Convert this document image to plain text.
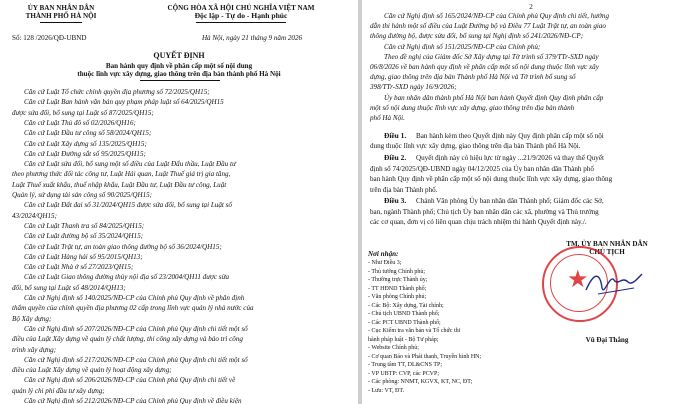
ỦY BAN NHÂN DÂN
THÀNH PHỐ HÀ NỘI
CỘNG HÒA XÃ HỘI CHỦ NGHĨA VIỆT NAM
Độc lập - Tự do - Hạnh phúc
Số: 128 /2026/QĐ-UBND	Hà Nội, ngày 21 tháng 9 năm 2026
QUYẾT ĐỊNH
Ban hành quy định về phân cấp một số nội dung
thuộc lĩnh vực xây dựng, giao thông trên địa bàn thành phố Hà Nội
Căn cứ Luật Tổ chức chính quyền địa phương số 72/2025/QH15;
Căn cứ Luật Ban hành văn bản quy phạm pháp luật số 64/2025/QH15
được sửa đổi, bổ sung tại Luật số 87/2025/QH15;
Căn cứ Luật Thủ đô số 02/2026/QH16;
Căn cứ Luật Đầu tư công số 58/2024/QH15;
Căn cứ Luật Xây dựng số 135/2025/QH15;
Căn cứ Luật Đường sắt số 95/2025/QH15;
Căn cứ Luật sửa đổi, bổ sung một số điều của Luật Đấu thầu, Luật Đầu tư
theo phương thức đối tác công tư, Luật Hải quan, Luật Thuế giá trị gia tăng,
Luật Thuế xuất khẩu, thuế nhập khẩu, Luật Đầu tư, Luật Đầu tư công, Luật
Quản lý, sử dụng tài sản công số 90/2025/QH15;
Căn cứ Luật Đất đai số 31/2024/QH15 được sửa đổi, bổ sung tại Luật số
43/2024/QH15;
Căn cứ Luật Thanh tra số 84/2025/QH15;
Căn cứ Luật đường bộ số 35/2024/QH15;
Căn cứ Luật Trật tự, an toàn giao thông đường bộ số 36/2024/QH15;
Căn cứ Luật Hàng hải số 95/2015/QH13;
Căn cứ Luật Nhà ở số 27/2023/QH15;
Căn cứ Luật Giao thông đường thủy nội địa số 23/2004/QH11 được sửa
đổi, bổ sung tại Luật số 48/2014/QH13;
Căn cứ Nghị định số 140/2025/NĐ-CP của Chính phủ Quy định về phân định
thẩm quyền của chính quyền địa phương 02 cấp trong lĩnh vực quản lý nhà nước của
Bộ Xây dựng;
Căn cứ Nghị định số 207/2026/NĐ-CP của Chính phủ Quy định chi tiết một số
điều của Luật Xây dựng về quản lý chất lượng, thi công xây dựng và bảo trì công
trình xây dựng;
Căn cứ Nghị định số 217/2026/NĐ-CP của Chính phủ Quy định chi tiết một số
điều của Luật Xây dựng về quản lý hoạt động xây dựng;
Căn cứ Nghị định số 206/2026/NĐ-CP của Chính phủ Quy định chi tiết về
quản lý chi phí đầu tư xây dựng;
Căn cứ Nghị định số 212/2026/NĐ-CP của Chính phủ Quy định về điều kiện
2
Căn cứ Nghị định số 165/2024/NĐ-CP của Chính phủ Quy định chi tiết, hướng
dẫn thi hành một số điều của Luật Đường bộ và Điều 77 Luật Trật tự, an toàn giao
thông đường bộ, được sửa đổi, bổ sung tại Nghị định số 241/2026/NĐ-CP;
Căn cứ Nghị định số 151/2025/NĐ-CP của Chính phủ;
Theo đề nghị của Giám đốc Sở Xây dựng tại Tờ trình số 379/TTr-SXD ngày
06/8/2026 về ban hành quy định về phân cấp một số nội dung thuộc lĩnh vực xây
dựng, giao thông trên địa bàn Thành phố Hà Nội và Tờ trình bổ sung số
398/TTr-SXD ngày 16/9/2026;
Ủy ban nhân dân thành phố Hà Nội ban hành Quyết định Quy định phân cấp
một số nội dung thuộc lĩnh vực xây dựng, giao thông trên địa bàn thành
phố Hà Nội.
Điều 1. Ban hành kèm theo Quyết định này Quy định phân cấp một số nội
dung thuộc lĩnh vực xây dựng, giao thông trên địa bàn Thành phố Hà Nội.
Điều 2. Quyết định này có hiệu lực từ ngày ...21/9/2026 và thay thế Quyết
định số 74/2025/QĐ-UBND ngày 04/12/2025 của Ủy ban nhân dân Thành phố
ban hành Quy định về phân cấp một số nội dung thuộc lĩnh vực xây dựng, giao thông
trên địa bàn Thành phố.
Điều 3. Chánh Văn phòng Ủy ban nhân dân Thành phố; Giám đốc các Sở,
ban, ngành Thành phố; Chủ tịch Ủy ban nhân dân các xã, phường và Thủ trưởng
các cơ quan, đơn vị có liên quan chịu trách nhiệm thi hành Quyết định này./.
Nơi nhận:
- Như Điều 3;
- Thủ tướng Chính phủ;
- Thường trực Thành ủy;
- TT HĐND Thành phố;
- Văn phòng Chính phủ;
- Các Bộ: Xây dựng, Tài chính;
- Chủ tịch UBND Thành phố;
- Các PCT UBND Thành phố;
- Cục Kiểm tra văn bản và Tổ chức thi
hành pháp luật - Bộ Tư pháp;
- Website Chính phủ;
- Cơ quan Báo và Phát thanh, Truyền hình HN;
- Trung tâm TT, DL&CNS TP;
- VP UBTP: CVP, các PCVP;
- Các phòng: NNMT, KGVX, KT, NC, ĐT;
- Lưu: VT, ĐT.
TM. ỦY BAN NHÂN DÂN
CHỦ TỊCH
★
Vũ Đại Thắng
